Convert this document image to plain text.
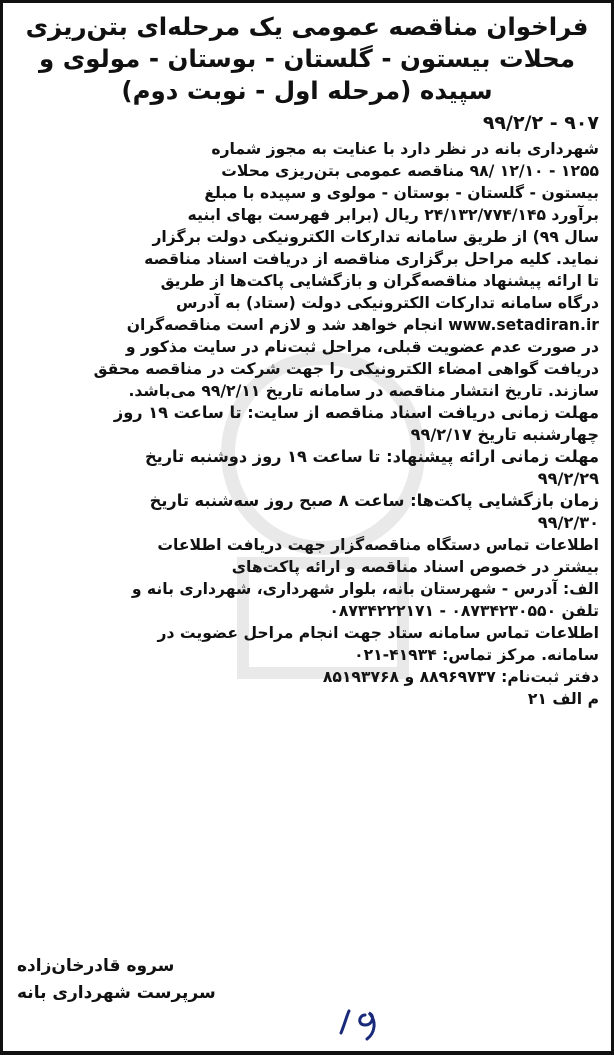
فراخوان مناقصه عمومی یک مرحله‌ای بتن‌ریزی
محلات بیستون - گلستان - بوستان - مولوی و
سپیده (مرحله اول - نوبت دوم)
۹۰۷ - ۹۹/۲/۲
شهرداری بانه در نظر دارد با عنایت به مجوز شماره
۱۲۵۵ - ۱۲/۱۰ /۹۸ مناقصه عمومی بتن‌ریزی محلات
بیستون - گلستان - بوستان - مولوی و سپیده با مبلغ
برآورد ۲۴/۱۳۲/۷۷۴/۱۴۵ ریال (برابر فهرست بهای ابنیه
سال ۹۹) از طریق سامانه تدارکات الکترونیکی دولت برگزار
نماید. کلیه مراحل برگزاری مناقصه از دریافت اسناد مناقصه
تا ارائه پیشنهاد مناقصه‌گران و بازگشایی پاکت‌ها از طریق
درگاه سامانه تدارکات الکترونیکی دولت (ستاد) به آدرس
www.setadiran.ir انجام خواهد شد و لازم است مناقصه‌گران
در صورت عدم عضویت قبلی، مراحل ثبت‌نام در سایت مذکور و
دریافت گواهی امضاء الکترونیکی را جهت شرکت در مناقصه محقق
سازند. تاریخ انتشار مناقصه در سامانه تاریخ ۹۹/۲/۱۱ می‌باشد.
مهلت زمانی دریافت اسناد مناقصه از سایت: تا ساعت ۱۹ روز
چهارشنبه تاریخ ۹۹/۲/۱۷
مهلت زمانی ارائه پیشنهاد: تا ساعت ۱۹ روز دوشنبه تاریخ
۹۹/۲/۲۹
زمان بازگشایی پاکت‌ها: ساعت ۸ صبح روز سه‌شنبه تاریخ
۹۹/۲/۳۰
اطلاعات تماس دستگاه مناقصه‌گزار جهت دریافت اطلاعات
بیشتر در خصوص اسناد مناقصه و ارائه پاکت‌های
الف: آدرس - شهرستان بانه، بلوار شهرداری، شهرداری بانه و
تلفن ۰۸۷۳۴۲۳۰۵۵۰ - ۰۸۷۳۴۲۲۲۱۷۱
اطلاعات تماس سامانه ستاد جهت انجام مراحل عضویت در
سامانه. مرکز تماس: ۴۱۹۳۴-۰۲۱
دفتر ثبت‌نام: ۸۸۹۶۹۷۳۷ و ۸۵۱۹۳۷۶۸
م الف ۲۱
سروه قادرخان‌زاده
سرپرست شهرداری بانه
